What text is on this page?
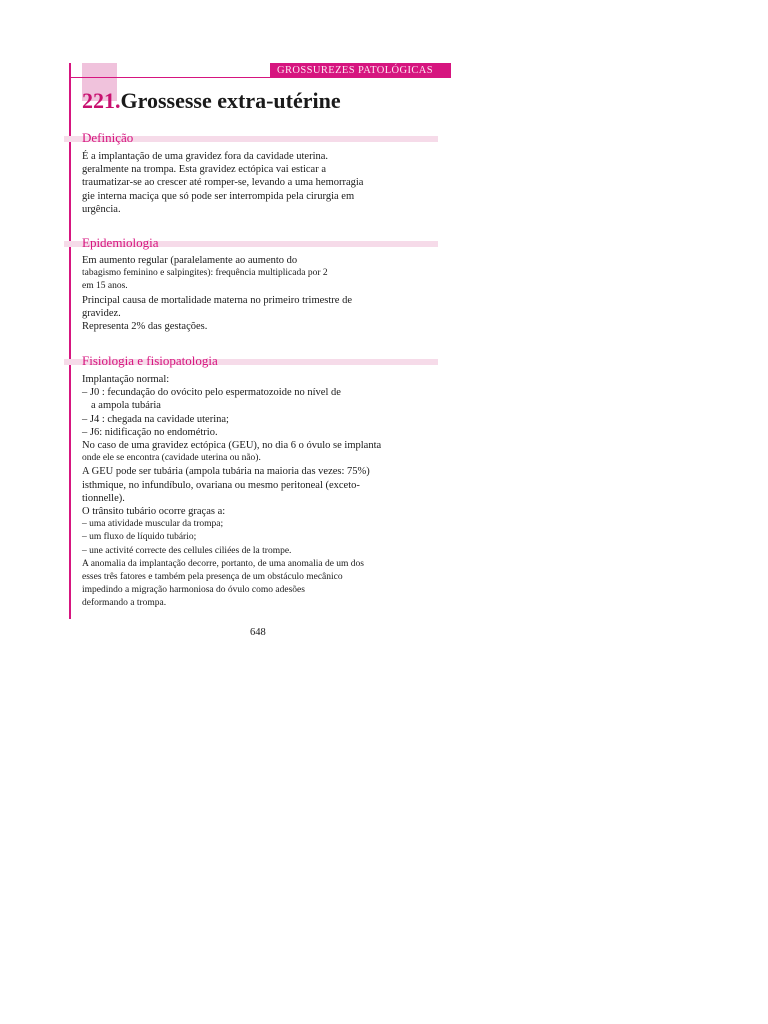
GROSSUREZES PATOLÓGICAS
221.Grossesse extra-utérine
Definição

É a implantação de uma gravidez fora da cavidade uterina.

geralmente na trompa. Esta gravidez ectópica vai esticar a

traumatizar-se ao crescer até romper-se, levando a uma hemorragia

gie interna maciça que só pode ser interrompida pela cirurgia em

urgência.

Epidemiologia

Em aumento regular (paralelamente ao aumento do

tabagismo feminino e salpingites): frequência multiplicada por 2

em 15 anos.

Principal causa de mortalidade materna no primeiro trimestre de

gravidez.

Representa 2% das gestações.

Fisiologia e fisiopatologia

Implantação normal:

– J0 : fecundação do ovócito pelo espermatozoide no nível de

a ampola tubária

– J4 : chegada na cavidade uterina;

– J6: nidificação no endométrio.

No caso de uma gravidez ectópica (GEU), no dia 6 o óvulo se implanta

onde ele se encontra (cavidade uterina ou não).

A GEU pode ser tubária (ampola tubária na maioria das vezes: 75%)

isthmique, no infundíbulo, ovariana ou mesmo peritoneal (exceto-

tionnelle).

O trânsito tubário ocorre graças a:

– uma atividade muscular da trompa;

– um fluxo de líquido tubário;

– une activité correcte des cellules ciliées de la trompe.

A anomalia da implantação decorre, portanto, de uma anomalia de um dos

esses três fatores e também pela presença de um obstáculo mecânico

impedindo a migração harmoniosa do óvulo como adesões

deformando a trompa.

648
